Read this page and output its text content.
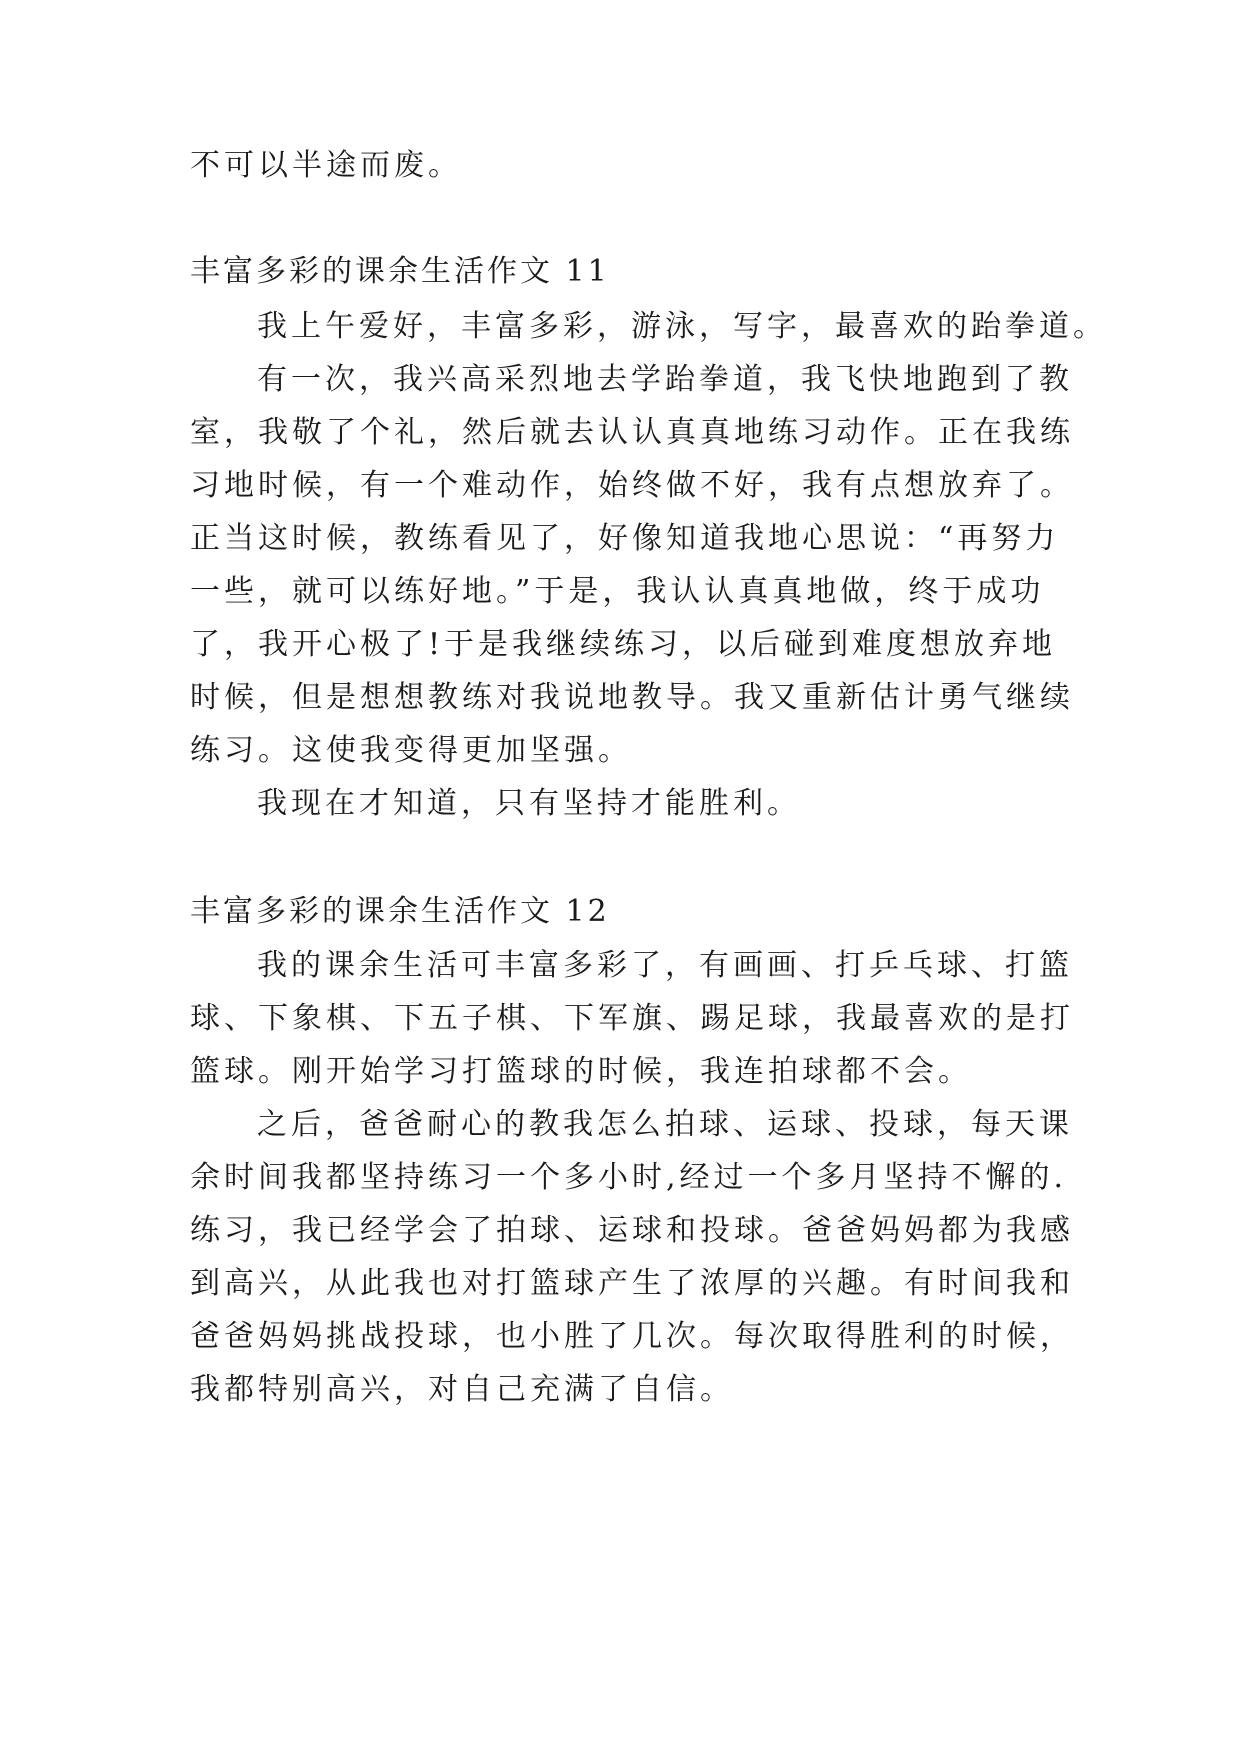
不可以半途而废。
丰富多彩的课余生活作文 11
我上午爱好，丰富多彩，游泳，写字，最喜欢的跆拳道。
有一次，我兴高采烈地去学跆拳道，我飞快地跑到了教
室，我敬了个礼，然后就去认认真真地练习动作。正在我练
习地时候，有一个难动作，始终做不好，我有点想放弃了。
正当这时候，教练看见了，好像知道我地心思说：“再努力
一些，就可以练好地。”于是，我认认真真地做，终于成功
了，我开心极了!于是我继续练习，以后碰到难度想放弃地
时候，但是想想教练对我说地教导。我又重新估计勇气继续
练习。这使我变得更加坚强。
我现在才知道，只有坚持才能胜利。
丰富多彩的课余生活作文 12
我的课余生活可丰富多彩了，有画画、打乒乓球、打篮
球、下象棋、下五子棋、下军旗、踢足球，我最喜欢的是打
篮球。刚开始学习打篮球的时候，我连拍球都不会。
之后，爸爸耐心的教我怎么拍球、运球、投球，每天课
余时间我都坚持练习一个多小时,经过一个多月坚持不懈的.
练习，我已经学会了拍球、运球和投球。爸爸妈妈都为我感
到高兴，从此我也对打篮球产生了浓厚的兴趣。有时间我和
爸爸妈妈挑战投球，也小胜了几次。每次取得胜利的时候，
我都特别高兴，对自己充满了自信。
